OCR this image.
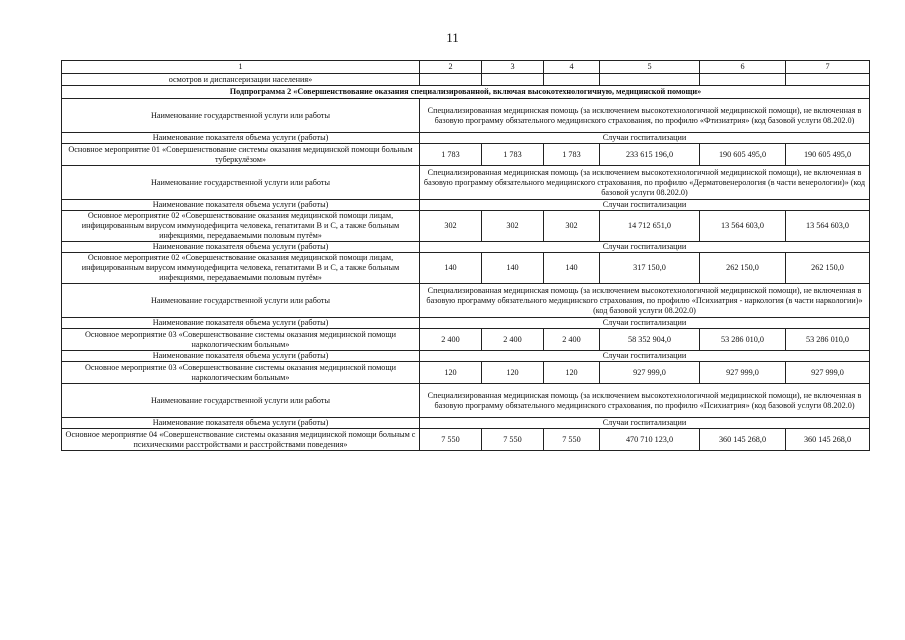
11
1	2	3	4	5	6	7
осмотров и диспансеризации населения»						
Подпрограмма 2 «Совершенствование оказания специализированной, включая высокотехнологичную, медицинской помощи»						
Наименование государственной услуги или работы	Специализированная медицинская помощь (за исключением высокотехнологичной медицинской помощи), не включенная в базовую программу обязательного медицинского страхования, по профилю «Фтизиатрия» (код базовой услуги 08.202.0)					
Наименование показателя объема услуги (работы)	Случаи госпитализации					
Основное мероприятие 01 «Совершенствование системы оказания медицинской помощи больным туберкулёзом»	1 783	1 783	1 783	233 615 196,0	190 605 495,0	190 605 495,0
Наименование государственной услуги или работы	Специализированная медицинская помощь (за исключением высокотехнологичной медицинской помощи), не включенная в базовую программу обязательного медицинского страхования, по профилю «Дерматовенерология (в части венерологии)» (код базовой услуги 08.202.0)					
Наименование показателя объема услуги (работы)	Случаи госпитализации					
Основное мероприятие 02 «Совершенствование оказания медицинской помощи лицам, инфицированным вирусом иммунодефицита человека, гепатитами В и С, а также больным инфекциями, передаваемыми половым путём»	302	302	302	14 712 651,0	13 564 603,0	13 564 603,0
Наименование показателя объема услуги (работы)	Случаи госпитализации					
Основное мероприятие 02 «Совершенствование оказания медицинской помощи лицам, инфицированным вирусом иммунодефицита человека, гепатитами В и С, а также больным инфекциями, передаваемыми половым путём»	140	140	140	317 150,0	262 150,0	262 150,0
Наименование государственной услуги или работы	Специализированная медицинская помощь (за исключением высокотехнологичной медицинской помощи), не включенная в базовую программу обязательного медицинского страхования, по профилю «Психиатрия - наркология (в части наркологии)» (код базовой услуги 08.202.0)					
Наименование показателя объема услуги (работы)	Случаи госпитализации					
Основное мероприятие 03 «Совершенствование системы оказания медицинской помощи наркологическим больным»	2 400	2 400	2 400	58 352 904,0	53 286 010,0	53 286 010,0
Наименование показателя объема услуги (работы)	Случаи госпитализации					
Основное мероприятие 03 «Совершенствование системы оказания медицинской помощи наркологическим больным»	120	120	120	927 999,0	927 999,0	927 999,0
Наименование государственной услуги или работы	Специализированная медицинская помощь (за исключением высокотехнологичной медицинской помощи), не включенная в базовую программу обязательного медицинского страхования, по профилю «Психиатрия» (код базовой услуги 08.202.0)					
Наименование показателя объема услуги (работы)	Случаи госпитализации					
Основное мероприятие 04 «Совершенствование системы оказания медицинской помощи больным с психическими расстройствами и расстройствами поведения»	7 550	7 550	7 550	470 710 123,0	360 145 268,0	360 145 268,0
